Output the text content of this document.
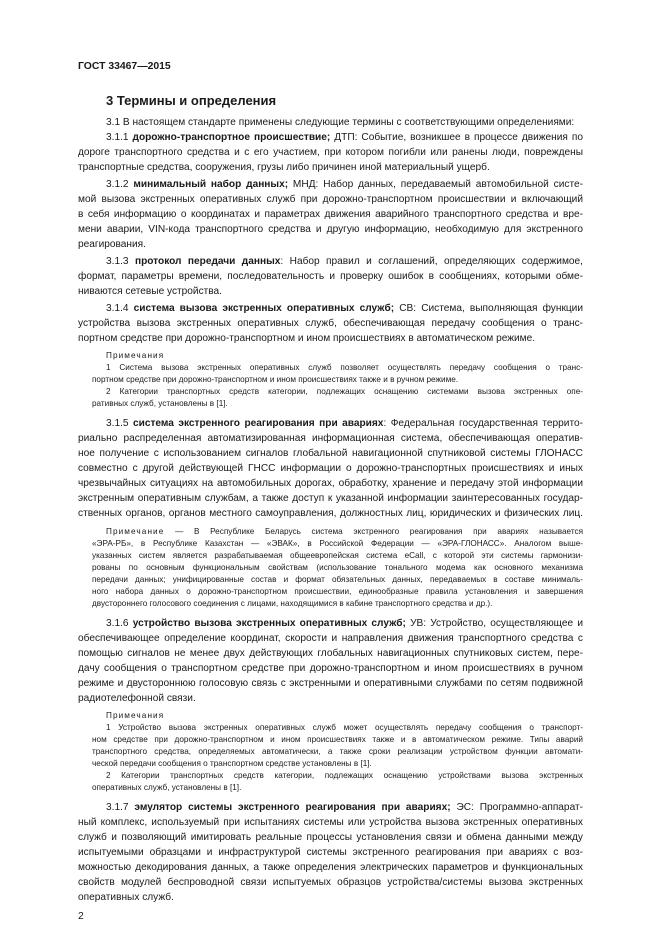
ГОСТ 33467—2015
3 Термины и определения
3.1 В настоящем стандарте применены следующие термины с соответствующими определениями:
3.1.1 дорожно-транспортное происшествие; ДТП: Событие, возникшее в процессе движения по
дороге транспортного средства и с его участием, при котором погибли или ранены люди, повреждены
транспортные средства, сооружения, грузы либо причинен иной материальный ущерб.
3.1.2 минимальный набор данных; МНД: Набор данных, передаваемый автомобильной систе-
мой вызова экстренных оперативных служб при дорожно-транспортном происшествии и включающий
в себя информацию о координатах и параметрах движения аварийного транспортного средства и вре-
мени аварии, VIN-кода транспортного средства и другую информацию, необходимую для экстренного
реагирования.
3.1.3 протокол передачи данных: Набор правил и соглашений, определяющих содержимое,
формат, параметры времени, последовательность и проверку ошибок в сообщениях, которыми обме-
ниваются сетевые устройства.
3.1.4 система вызова экстренных оперативных служб; СВ: Система, выполняющая функции
устройства вызова экстренных оперативных служб, обеспечивающая передачу сообщения о транс-
портном средстве при дорожно-транспортном и ином происшествиях в автоматическом режиме.
Примечания
1 Система вызова экстренных оперативных служб позволяет осуществлять передачу сообщения о транс-
портном средстве при дорожно-транспортном и ином происшествиях также и в ручном режиме.
2 Категории транспортных средств категории, подлежащих оснащению системами вызова экстренных опе-
ративных служб, установлены в [1].
3.1.5 система экстренного реагирования при авариях: Федеральная государственная террито-
риально распределенная автоматизированная информационная система, обеспечивающая оператив-
ное получение с использованием сигналов глобальной навигационной спутниковой системы ГЛОНАСС
совместно с другой действующей ГНСС информации о дорожно-транспортных происшествиях и иных
чрезвычайных ситуациях на автомобильных дорогах, обработку, хранение и передачу этой информации
экстренным оперативным службам, а также доступ к указанной информации заинтересованных государ-
ственных органов, органов местного самоуправления, должностных лиц, юридических и физических лиц.
Примечание — В Республике Беларусь система экстренного реагирования при авариях называется
«ЭРА-РБ», в Республике Казахстан — «ЭВАК», в Российской Федерации — «ЭРА-ГЛОНАСС». Аналогом выше-
указанных систем является разрабатываемая общеевропейская система eCall, с которой эти системы гармонизи-
рованы по основным функциональным свойствам (использование тонального модема как основного механизма
передачи данных; унифицированные состав и формат обязательных данных, передаваемых в составе минималь-
ного набора данных о дорожно-транспортном происшествии, единообразные правила установления и завершения
двустороннего голосового соединения с лицами, находящимися в кабине транспортного средства и др.).
3.1.6 устройство вызова экстренных оперативных служб; УВ: Устройство, осуществляющее и
обеспечивающее определение координат, скорости и направления движения транспортного средства с
помощью сигналов не менее двух действующих глобальных навигационных спутниковых систем, пере-
дачу сообщения о транспортном средстве при дорожно-транспортном и ином происшествиях в ручном
режиме и двустороннюю голосовую связь с экстренными и оперативными службами по сетям подвижной
радиотелефонной связи.
Примечания
1 Устройство вызова экстренных оперативных служб может осуществлять передачу сообщения о транспорт-
ном средстве при дорожно-транспортном и ином происшествиях также и в автоматическом режиме. Типы аварий
транспортного средства, определяемых автоматически, а также сроки реализации устройством функции автомати-
ческой передачи сообщения о транспортном средстве установлены в [1].
2 Категории транспортных средств категории, подлежащих оснащению устройствами вызова экстренных
оперативных служб, установлены в [1].
3.1.7 эмулятор системы экстренного реагирования при авариях; ЭС: Программно-аппарат-
ный комплекс, используемый при испытаниях системы или устройства вызова экстренных оперативных
служб и позволяющий имитировать реальные процессы установления связи и обмена данными между
испытуемыми образцами и инфраструктурой системы экстренного реагирования при авариях с воз-
можностью декодирования данных, а также определения электрических параметров и функциональных
свойств модулей беспроводной связи испытуемых образцов устройства/системы вызова экстренных
оперативных служб.
2
